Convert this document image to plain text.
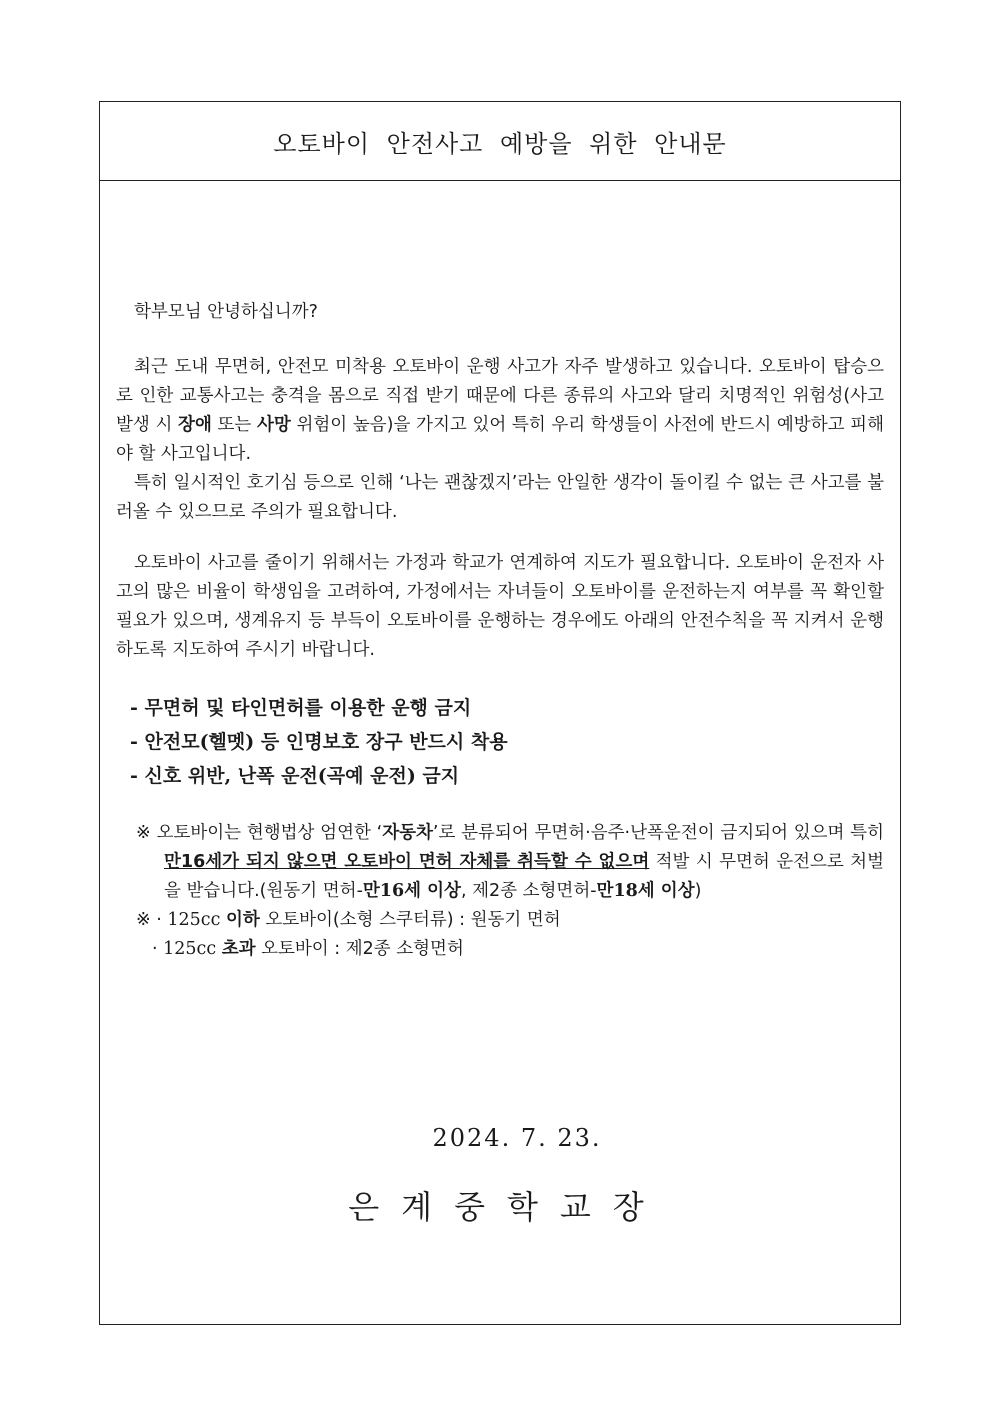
오토바이 안전사고 예방을 위한 안내문

학부모님 안녕하십니까?

최근 도내 무면허, 안전모 미착용 오토바이 운행 사고가 자주 발생하고 있습니다. 오토바이 탑승으로 인한 교통사고는 충격을 몸으로 직접 받기 때문에 다른 종류의 사고와 달리 치명적인 위험성(사고발생 시 장애 또는 사망 위험이 높음)을 가지고 있어 특히 우리 학생들이 사전에 반드시 예방하고 피해야 할 사고입니다.

특히 일시적인 호기심 등으로 인해 ‘나는 괜찮겠지’라는 안일한 생각이 돌이킬 수 없는 큰 사고를 불러올 수 있으므로 주의가 필요합니다.

오토바이 사고를 줄이기 위해서는 가정과 학교가 연계하여 지도가 필요합니다. 오토바이 운전자 사고의 많은 비율이 학생임을 고려하여, 가정에서는 자녀들이 오토바이를 운전하는지 여부를 꼭 확인할 필요가 있으며, 생계유지 등 부득이 오토바이를 운행하는 경우에도 아래의 안전수칙을 꼭 지켜서 운행하도록 지도하여 주시기 바랍니다.

- 무면허 및 타인면허를 이용한 운행 금지
- 안전모(헬멧) 등 인명보호 장구 반드시 착용
- 신호 위반, 난폭 운전(곡예 운전) 금지

※ 오토바이는 현행법상 엄연한 ‘자동차’로 분류되어 무면허·음주·난폭운전이 금지되어 있으며 특히 만16세가 되지 않으면 오토바이 면허 자체를 취득할 수 없으며 적발 시 무면허 운전으로 처벌을 받습니다.(원동기 면허-만16세 이상, 제2종 소형면허-만18세 이상)

※ · 125cc 이하 오토바이(소형 스쿠터류) : 원동기 면허
· 125cc 초과 오토바이 : 제2종 소형면허
2024. 7. 23.
은계중학교장
